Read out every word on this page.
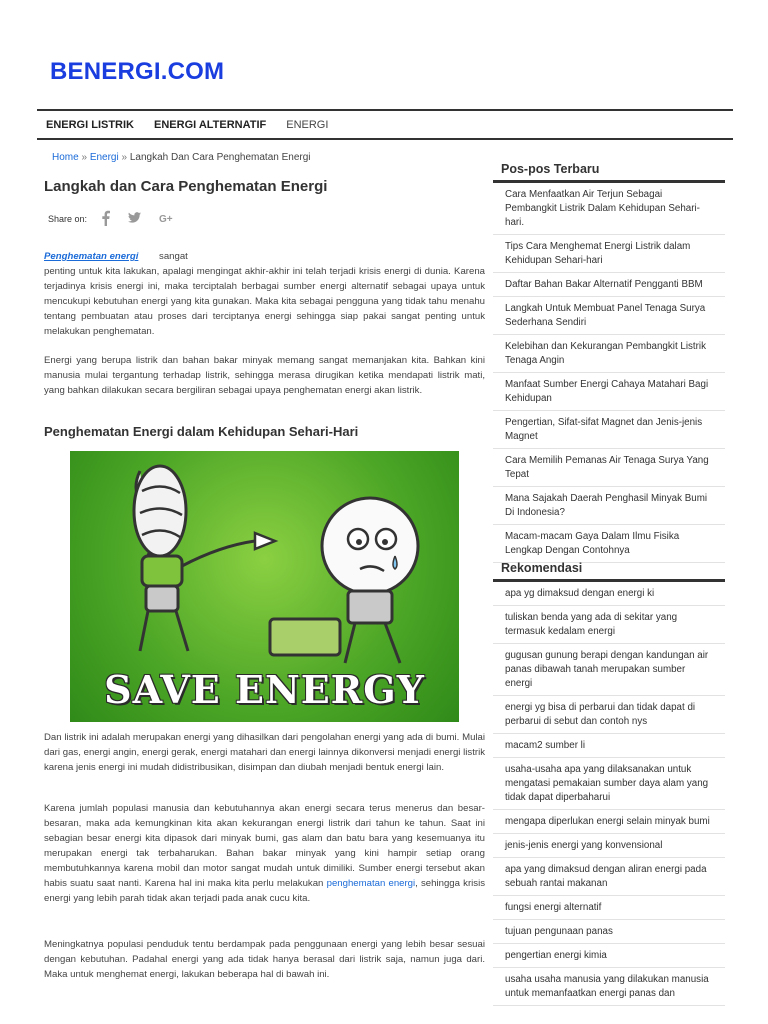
BENERGI.COM
ENERGI LISTRIK ENERGI ALTERNATIF ENERGI
Home » Energi » Langkah Dan Cara Penghematan Energi
Langkah dan Cara Penghematan Energi
Share on:	G+
Penghematan energi sangat

penting untuk kita lakukan, apalagi mengingat akhir-akhir ini telah terjadi krisis energi di dunia. Karena terjadinya krisis energi ini, maka terciptalah berbagai sumber energi alternatif sebagai upaya untuk mencukupi kebutuhan energi yang kita gunakan. Maka kita sebagai pengguna yang tidak tahu menahu tentang pembuatan atau proses dari terciptanya energi sehingga siap pakai sangat penting untuk melakukan penghematan.

Energi yang berupa listrik dan bahan bakar minyak memang sangat memanjakan kita. Bahkan kini manusia mulai tergantung terhadap listrik, sehingga merasa dirugikan ketika mendapati listrik mati, yang bahkan dilakukan secara bergiliran sebagai upaya penghematan energi akan listrik.

Penghematan Energi dalam Kehidupan Sehari-Hari
SAVE ENERGY

Dan listrik ini adalah merupakan energi yang dihasilkan dari pengolahan energi yang ada di bumi. Mulai dari gas, energi angin, energi gerak, energi matahari dan energi lainnya dikonversi menjadi energi listrik karena jenis energi ini mudah didistribusikan, disimpan dan diubah menjadi bentuk energi lain.

Karena jumlah populasi manusia dan kebutuhannya akan energi secara terus menerus dan besar-besaran, maka ada kemungkinan kita akan kekurangan energi listrik dari tahun ke tahun. Saat ini sebagian besar energi kita dipasok dari minyak bumi, gas alam dan batu bara yang kesemuanya itu merupakan energi tak terbaharukan. Bahan bakar minyak yang kini hampir setiap orang membutuhkannya karena mobil dan motor sangat mudah untuk dimiliki. Sumber energi tersebut akan habis suatu saat nanti. Karena hal ini maka kita perlu melakukan penghematan energi, sehingga krisis energi yang lebih parah tidak akan terjadi pada anak cucu kita.

Meningkatnya populasi penduduk tentu berdampak pada penggunaan energi yang lebih besar sesuai dengan kebutuhan. Padahal energi yang ada tidak hanya berasal dari listrik saja, namun juga dari. Maka untuk menghemat energi, lakukan beberapa hal di bawah ini.

Pos-pos Terbaru
Cara Menfaatkan Air Terjun Sebagai Pembangkit Listrik Dalam Kehidupan Sehari-hari.
Tips Cara Menghemat Energi Listrik dalam Kehidupan Sehari-hari
Daftar Bahan Bakar Alternatif Pengganti BBM
Langkah Untuk Membuat Panel Tenaga Surya Sederhana Sendiri
Kelebihan dan Kekurangan Pembangkit Listrik Tenaga Angin
Manfaat Sumber Energi Cahaya Matahari Bagi Kehidupan
Pengertian, Sifat-sifat Magnet dan Jenis-jenis Magnet
Cara Memilih Pemanas Air Tenaga Surya Yang Tepat
Mana Sajakah Daerah Penghasil Minyak Bumi Di Indonesia?
Macam-macam Gaya Dalam Ilmu Fisika Lengkap Dengan Contohnya
Rekomendasi
apa yg dimaksud dengan energi ki
tuliskan benda yang ada di sekitar yang termasuk kedalam energi
gugusan gunung berapi dengan kandungan air panas dibawah tanah merupakan sumber energi
energi yg bisa di perbarui dan tidak dapat di perbarui di sebut dan contoh nys
macam2 sumber li
usaha-usaha apa yang dilaksanakan untuk mengatasi pemakaian sumber daya alam yang tidak dapat diperbaharui
mengapa diperlukan energi selain minyak bumi
jenis-jenis energi yang konvensional
apa yang dimaksud dengan aliran energi pada sebuah rantai makanan
fungsi energi alternatif
tujuan pengunaan panas
pengertian energi kimia
usaha usaha manusia yang dilakukan manusia untuk memanfaatkan energi panas dan
